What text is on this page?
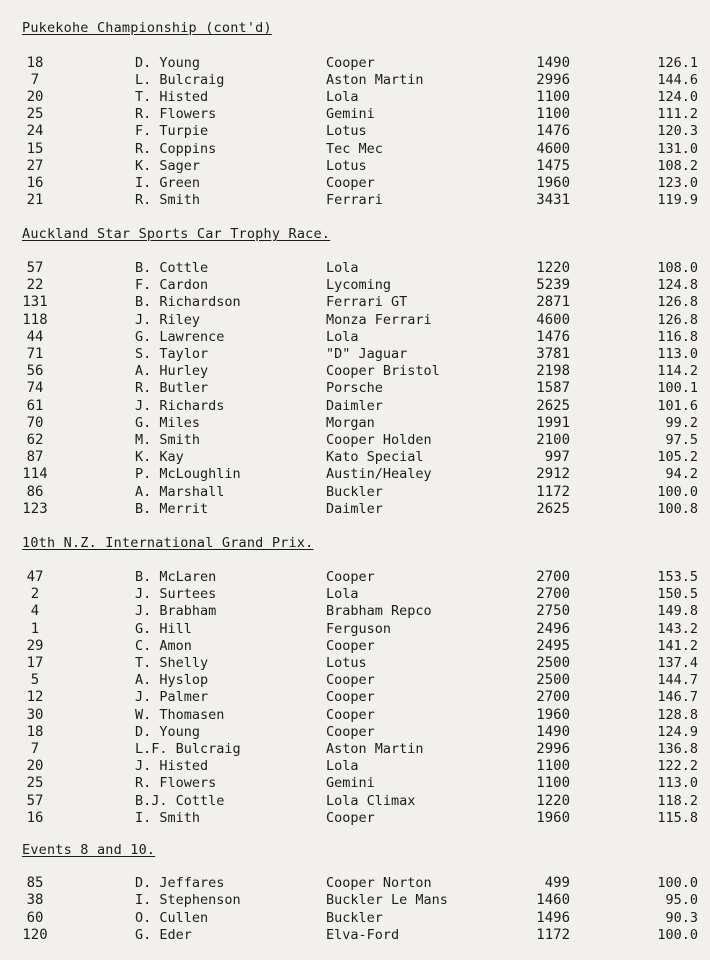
Pukekohe Championship (cont'd)
18	D. Young	Cooper	1490	126.1
7	L. Bulcraig	Aston Martin	2996	144.6
20	T. Histed	Lola	1100	124.0
25	R. Flowers	Gemini	1100	111.2
24	F. Turpie	Lotus	1476	120.3
15	R. Coppins	Tec Mec	4600	131.0
27	K. Sager	Lotus	1475	108.2
16	I. Green	Cooper	1960	123.0
21	R. Smith	Ferrari	3431	119.9
Auckland Star Sports Car Trophy Race.
57	B. Cottle	Lola	1220	108.0
22	F. Cardon	Lycoming	5239	124.8
131	B. Richardson	Ferrari GT	2871	126.8
118	J. Riley	Monza Ferrari	4600	126.8
44	G. Lawrence	Lola	1476	116.8
71	S. Taylor	"D" Jaguar	3781	113.0
56	A. Hurley	Cooper Bristol	2198	114.2
74	R. Butler	Porsche	1587	100.1
61	J. Richards	Daimler	2625	101.6
70	G. Miles	Morgan	1991	99.2
62	M. Smith	Cooper Holden	2100	97.5
87	K. Kay	Kato Special	997	105.2
114	P. McLoughlin	Austin/Healey	2912	94.2
86	A. Marshall	Buckler	1172	100.0
123	B. Merrit	Daimler	2625	100.8
10th N.Z. International Grand Prix.
47	B. McLaren	Cooper	2700	153.5
2	J. Surtees	Lola	2700	150.5
4	J. Brabham	Brabham Repco	2750	149.8
1	G. Hill	Ferguson	2496	143.2
29	C. Amon	Cooper	2495	141.2
17	T. Shelly	Lotus	2500	137.4
5	A. Hyslop	Cooper	2500	144.7
12	J. Palmer	Cooper	2700	146.7
30	W. Thomasen	Cooper	1960	128.8
18	D. Young	Cooper	1490	124.9
7	L.F. Bulcraig	Aston Martin	2996	136.8
20	J. Histed	Lola	1100	122.2
25	R. Flowers	Gemini	1100	113.0
57	B.J. Cottle	Lola Climax	1220	118.2
16	I. Smith	Cooper	1960	115.8
Events 8 and 10.
85	D. Jeffares	Cooper Norton	499	100.0
38	I. Stephenson	Buckler Le Mans	1460	95.0
60	O. Cullen	Buckler	1496	90.3
120	G. Eder	Elva-Ford	1172	100.0
